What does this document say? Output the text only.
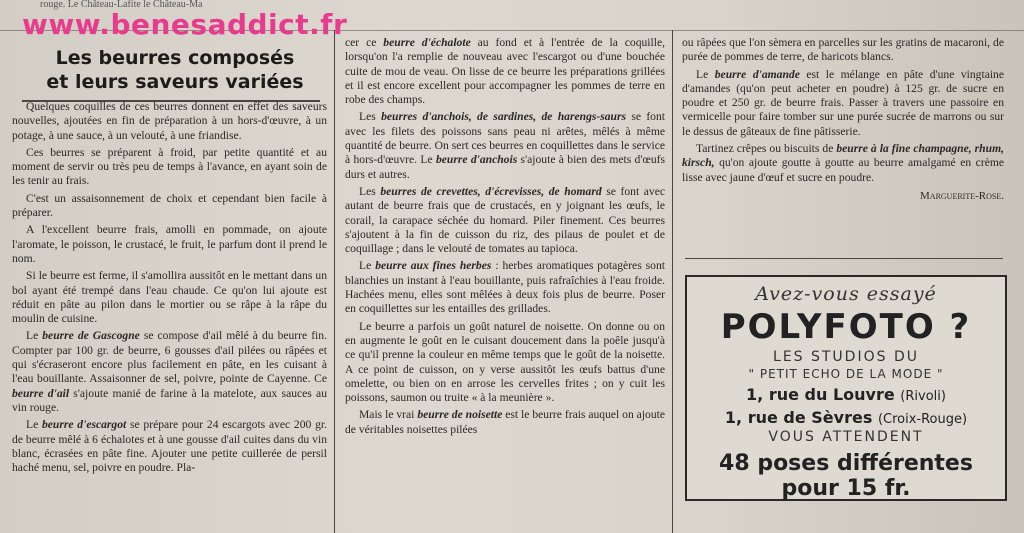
rouge. Le Château-Lafite le Château-Ma
www.benesaddict.fr
Les beurres composés
et leurs saveurs variées

Quelques coquilles de ces beurres donnent en effet des saveurs nouvelles, ajoutées en fin de préparation à un hors-d'œuvre, à un potage, à une sauce, à un velouté, à une friandise.

Ces beurres se préparent à froid, par petite quantité et au moment de servir ou très peu de temps à l'avance, en ayant soin de les tenir au frais.

C'est un assaisonnement de choix et cependant bien facile à préparer.

A l'excellent beurre frais, amolli en pommade, on ajoute l'aromate, le poisson, le crustacé, le fruit, le parfum dont il prend le nom.

Si le beurre est ferme, il s'amollira aussitôt en le mettant dans un bol ayant été trempé dans l'eau chaude. Ce qu'on lui ajoute est réduit en pâte au pilon dans le mortier ou se râpe à la râpe du moulin de cuisine.

Le beurre de Gascogne se compose d'ail mêlé à du beurre fin. Compter par 100 gr. de beurre, 6 gousses d'ail pilées ou râpées et qui s'écraseront encore plus facilement en pâte, en les cuisant à l'eau bouillante. Assaisonner de sel, poivre, pointe de Cayenne. Ce beurre d'ail s'ajoute manié de farine à la matelote, aux sauces au vin rouge.

Le beurre d'escargot se prépare pour 24 escargots avec 200 gr. de beurre mêlé à 6 échalotes et à une gousse d'ail cuites dans du vin blanc, écrasées en pâte fine. Ajouter une petite cuillerée de persil haché menu, sel, poivre en poudre. Pla-

cer ce beurre d'échalote au fond et à l'entrée de la coquille, lorsqu'on l'a remplie de nouveau avec l'escargot ou d'une bouchée cuite de mou de veau. On lisse de ce beurre les préparations grillées et il est encore excellent pour accompagner les pommes de terre en robe des champs.

Les beurres d'anchois, de sardines, de harengs-saurs se font avec les filets des poissons sans peau ni arêtes, mêlés à même quantité de beurre. On sert ces beurres en coquillettes dans le service à hors-d'œuvre. Le beurre d'anchois s'ajoute à bien des mets d'œufs durs et autres.

Les beurres de crevettes, d'écrevisses, de homard se font avec autant de beurre frais que de crustacés, en y joignant les œufs, le corail, la carapace séchée du homard. Piler finement. Ces beurres s'ajoutent à la fin de cuisson du riz, des pilaus de poulet et de coquillage ; dans le velouté de tomates au tapioca.

Le beurre aux fines herbes : herbes aromatiques potagères sont blanchies un instant à l'eau bouillante, puis rafraîchies à l'eau froide. Hachées menu, elles sont mêlées à deux fois plus de beurre. Poser en coquillettes sur les entailles des grillades.

Le beurre a parfois un goût naturel de noisette. On donne ou on en augmente le goût en le cuisant doucement dans la poêle jusqu'à ce qu'il prenne la couleur en même temps que le goût de la noisette. A ce point de cuisson, on y verse aussitôt les œufs battus d'une omelette, ou bien on en arrose les cervelles frites ; on y cuit les poissons, saumon ou truite « à la meunière ».

Mais le vrai beurre de noisette est le beurre frais auquel on ajoute de véritables noisettes pilées

ou râpées que l'on sèmera en parcelles sur les gratins de macaroni, de purée de pommes de terre, de haricots blancs.

Le beurre d'amande est le mélange en pâte d'une vingtaine d'amandes (qu'on peut acheter en poudre) à 125 gr. de sucre en poudre et 250 gr. de beurre frais. Passer à travers une passoire en vermicelle pour faire tomber sur une purée sucrée de marrons ou sur le dessus de gâteaux de fine pâtisserie.

Tartinez crêpes ou biscuits de beurre à la fine champagne, rhum, kirsch, qu'on ajoute goutte à goutte au beurre amalgamé en crème lisse avec jaune d'œuf et sucre en poudre.

Marguerite-Rose.
Avez-vous essayé
POLYFOTO ?
LES STUDIOS DU
" PETIT ECHO DE LA MODE "
1, rue du Louvre (Rivoli)
1, rue de Sèvres (Croix-Rouge)
VOUS ATTENDENT
48 poses différentes pour 15 fr.
